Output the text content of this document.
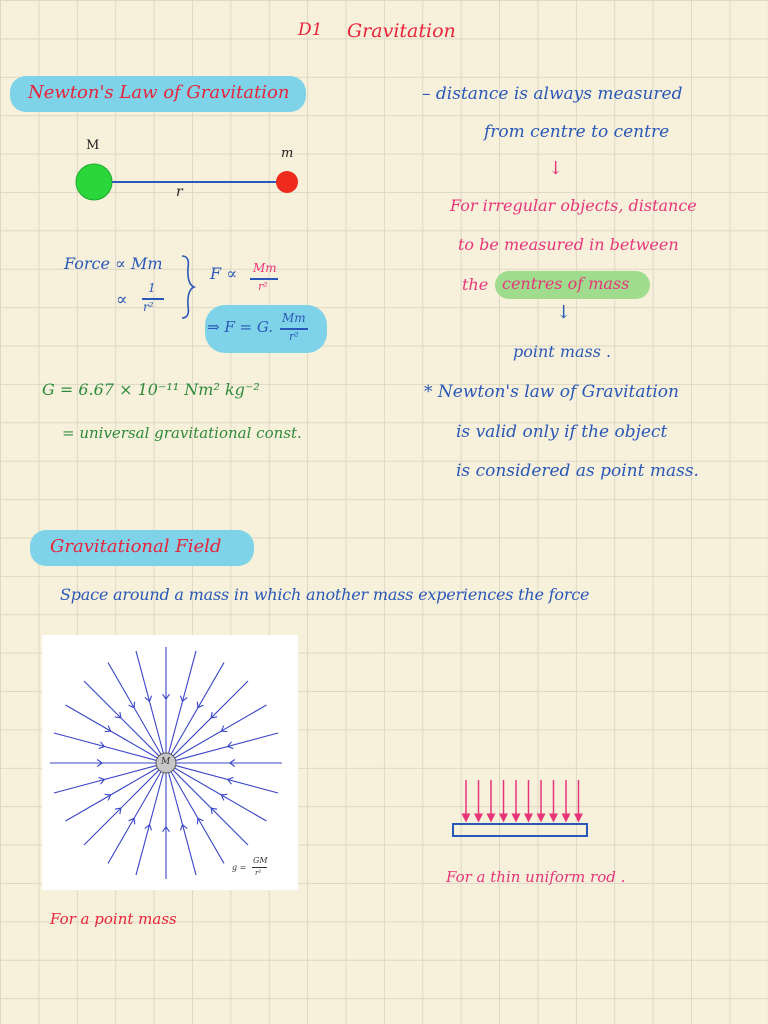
D1 Gravitation
Newton's Law of Gravitation
M
m
r
Force ∝ Mm
∝
1
r²
F ∝ Mm
r²
⇒ F = G. Mm
r²
G = 6.67 × 10⁻¹¹ Nm² kg⁻²
= universal gravitational const.
– distance is always measured
from centre to centre
↓
For irregular objects, distance
to be measured in between
the centres of mass
↓
point mass .
* Newton's law of Gravitation
is valid only if the object
is considered as point mass.
Gravitational Field
Space around a mass in which another mass experiences the force
M
g =
GM
r²
For a point mass
For a thin uniform rod .
